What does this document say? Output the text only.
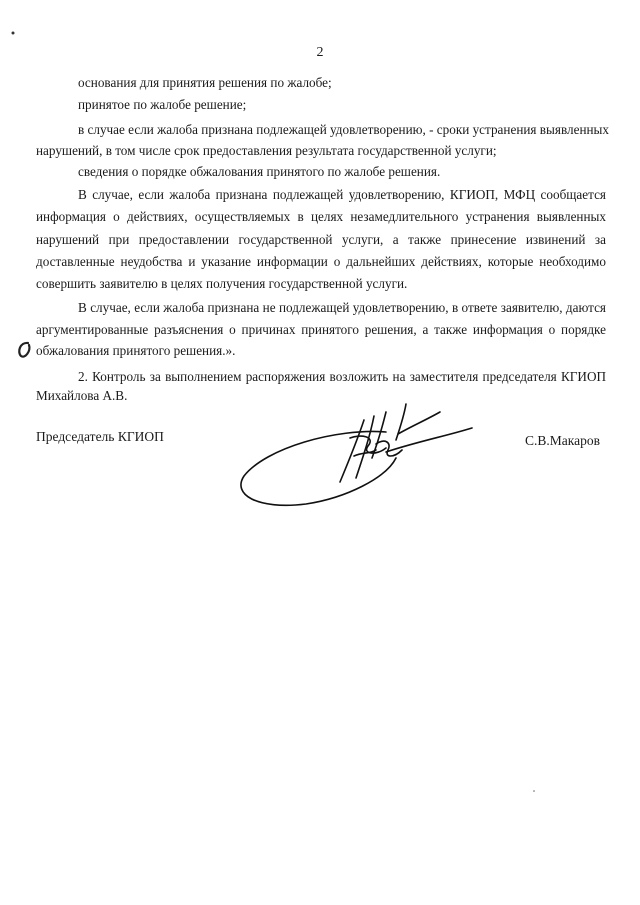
2
основания для принятия решения по жалобе;
принятое по жалобе решение;
в случае если жалоба признана подлежащей удовлетворению, - сроки устранения выявленных
нарушений, в том числе срок предоставления результата государственной услуги;
сведения о порядке обжалования принятого по жалобе решения.
В случае, если жалоба признана подлежащей удовлетворению, КГИОП, МФЦ сообщается
информация о действиях, осуществляемых в целях незамедлительного устранения выявленных
нарушений при предоставлении государственной услуги, а также принесение извинений за
доставленные неудобства и указание информации о дальнейших действиях, которые необходимо
совершить заявителю в целях получения государственной услуги.
В случае, если жалоба признана не подлежащей удовлетворению, в ответе заявителю, даются
аргументированные разъяснения о причинах принятого решения, а также информация о порядке
обжалования принятого решения.».
2. Контроль за выполнением распоряжения возложить на заместителя председателя КГИОП
Михайлова А.В.
Председатель КГИОП	С.В.Макаров
